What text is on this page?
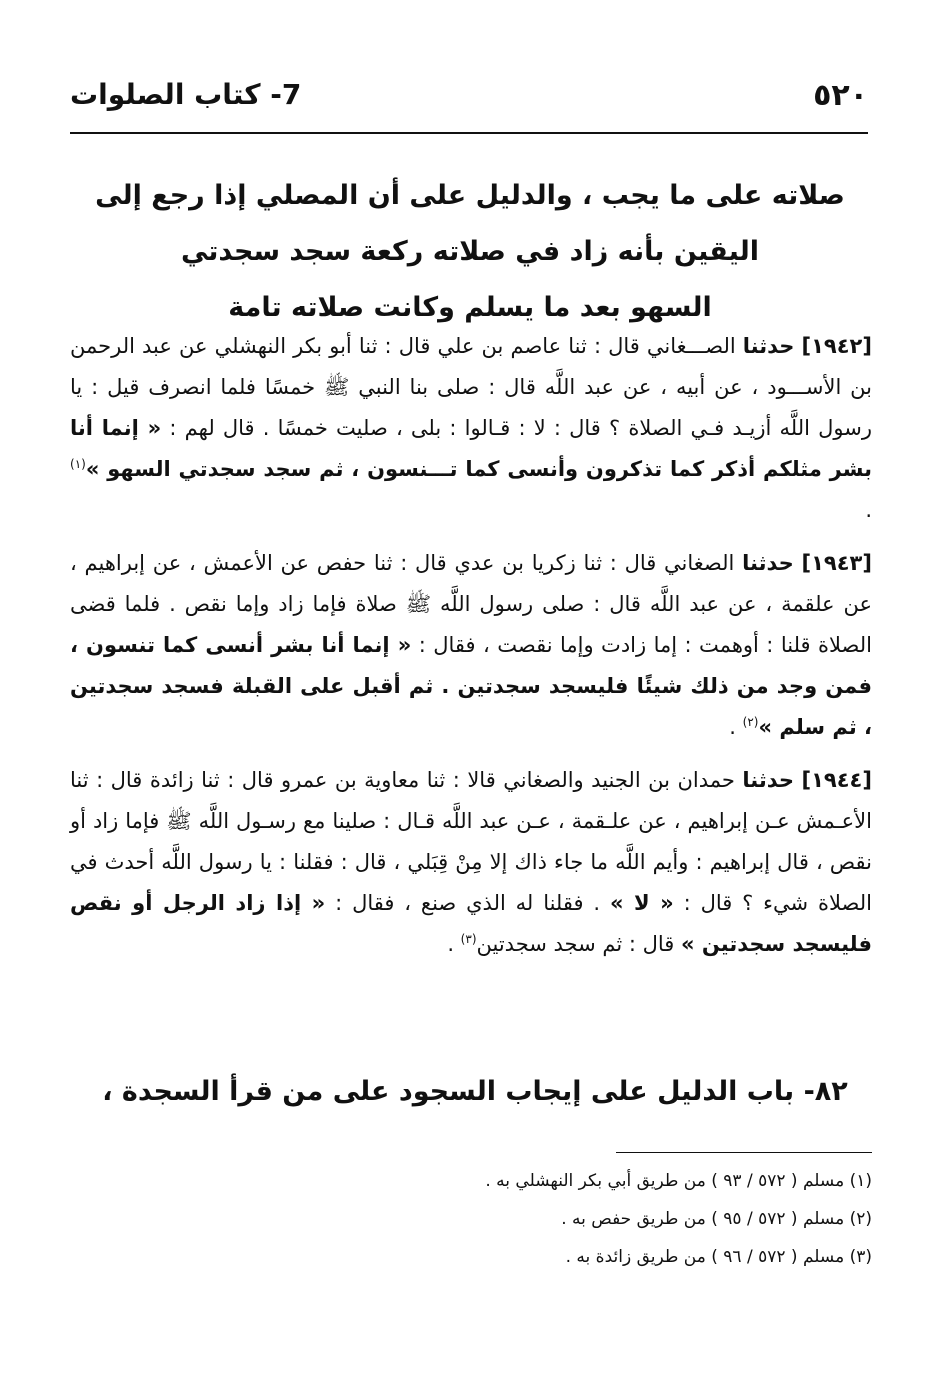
٥٢٠
7- كتاب الصلوات
صلاته على ما يجب ، والدليل على أن المصلي إذا رجع إلى
اليقين بأنه زاد في صلاته ركعة سجد سجدتي
السهو بعد ما يسلم وكانت صلاته تامة

[١٩٤٢] حدثنا الصـــغاني قال : ثنا عاصم بن علي قال : ثنا أبو بكر النهشلي عن عبد الرحمن بن الأســـود ، عن أبيه ، عن عبد اللَّه قال : صلى بنا النبي ﷺ خمسًا فلما انصرف قيل : يا رسول اللَّه أزيـد فـي الصلاة ؟ قال : لا : قـالوا : بلى ، صليت خمسًا . قال لهم : « إنما أنا بشر مثلكم أذكر كما تذكرون وأنسى كما تـــنسون ، ثم سجد سجدتي السهو »$^{(١)}$ .

[١٩٤٣] حدثنا الصغاني قال : ثنا زكريا بن عدي قال : ثنا حفص عن الأعمش ، عن إبراهيم ، عن علقمة ، عن عبد اللَّه قال : صلى رسول اللَّه ﷺ صلاة فإما زاد وإما نقص . فلما قضى الصلاة قلنا : أوهمت : إما زادت وإما نقصت ، فقال : « إنما أنا بشر أنسى كما تنسون ، فمن وجد من ذلك شيئًا فليسجد سجدتين . ثم أقبل على القبلة فسجد سجدتين ، ثم سلم »$^{(٢)}$ .

[١٩٤٤] حدثنا حمدان بن الجنيد والصغاني قالا : ثنا معاوية بن عمرو قال : ثنا زائدة قال : ثنا الأعـمش عـن إبراهيم ، عن علـقمة ، عـن عبد اللَّه قـال : صلينا مع رسـول اللَّه ﷺ فإما زاد أو نقص ، قال إبراهيم : وأيم اللَّه ما جاء ذاك إلا مِنْ قِبَلي ، قال : فقلنا : يا رسول اللَّه أحدث في الصلاة شيء ؟ قال : « لا » . فقلنا له الذي صنع ، فقال : « إذا زاد الرجل أو نقص فليسجد سجدتين » قال : ثم سجد سجدتين$^{(٣)}$ .

٨٢- باب الدليل على إيجاب السجود على من قرأ السجدة ،
(١) مسلم ( ٥٧٢ / ٩٣ ) من طريق أبي بكر النهشلي به .
(٢) مسلم ( ٥٧٢ / ٩٥ ) من طريق حفص به .
(٣) مسلم ( ٥٧٢ / ٩٦ ) من طريق زائدة به .
